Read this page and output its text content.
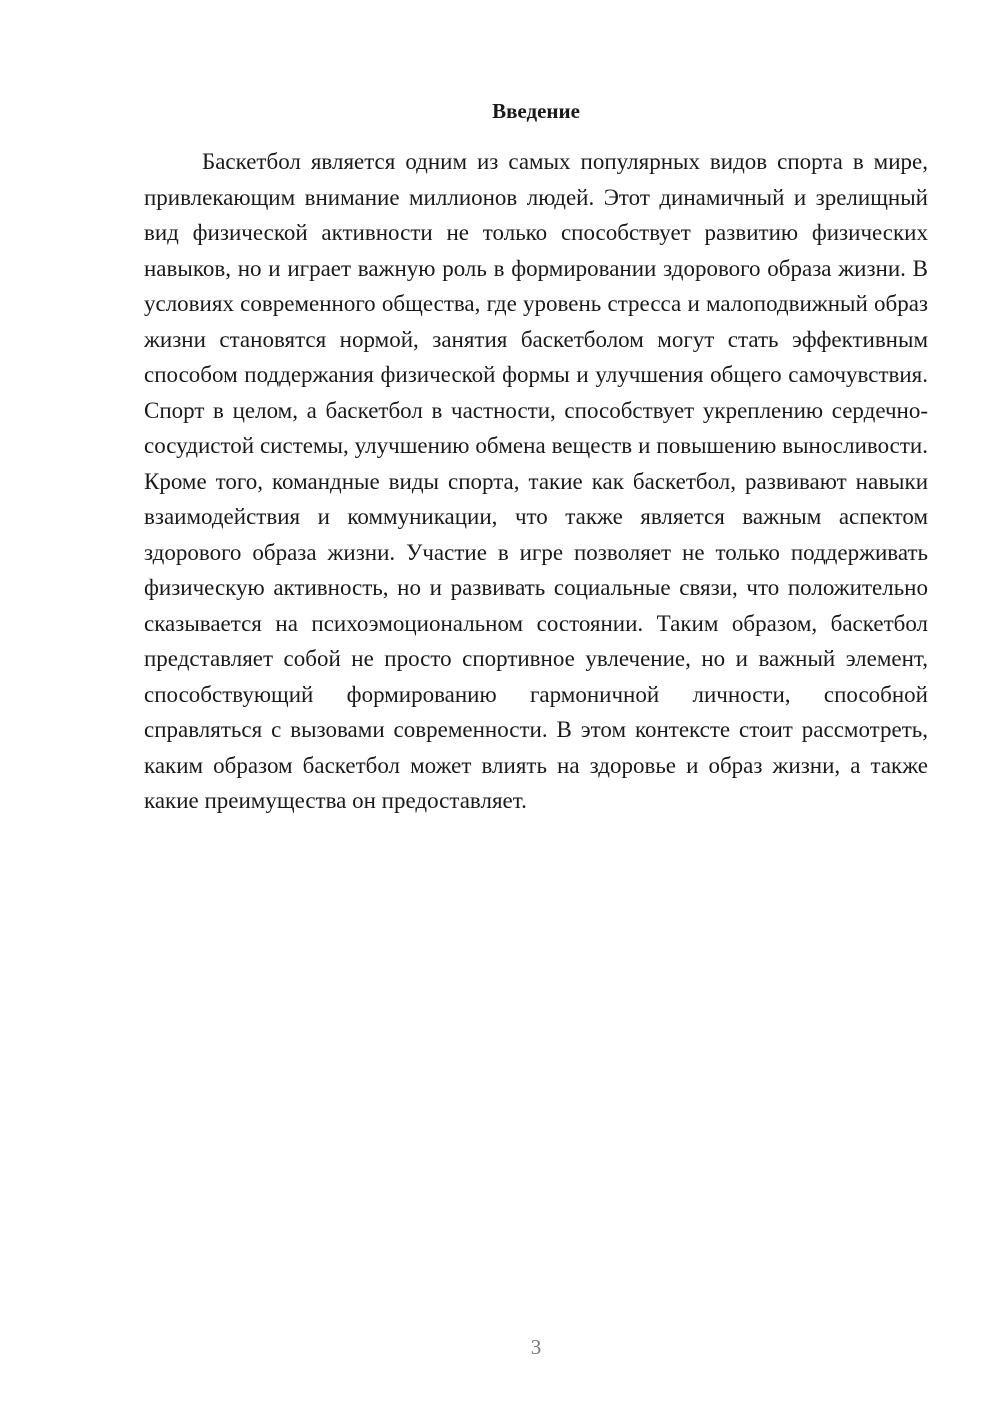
Введение

Баскетбол является одним из самых популярных видов спорта в мире, привлекающим внимание миллионов людей. Этот динамичный и зрелищный вид физической активности не только способствует развитию физических навыков, но и играет важную роль в формировании здорового образа жизни. В условиях современного общества, где уровень стресса и малоподвижный образ жизни становятся нормой, занятия баскетболом могут стать эффективным способом поддержания физической формы и улучшения общего самочувствия. Спорт в целом, а баскетбол в частности, способствует укреплению сердечно-сосудистой системы, улучшению обмена веществ и повышению выносливости. Кроме того, командные виды спорта, такие как баскетбол, развивают навыки взаимодействия и коммуникации, что также является важным аспектом здорового образа жизни. Участие в игре позволяет не только поддерживать физическую активность, но и развивать социальные связи, что положительно сказывается на психоэмоциональном состоянии. Таким образом, баскетбол представляет собой не просто спортивное увлечение, но и важный элемент, способствующий формированию гармоничной личности, способной справляться с вызовами современности. В этом контексте стоит рассмотреть, каким образом баскетбол может влиять на здоровье и образ жизни, а также какие преимущества он предоставляет.

3
